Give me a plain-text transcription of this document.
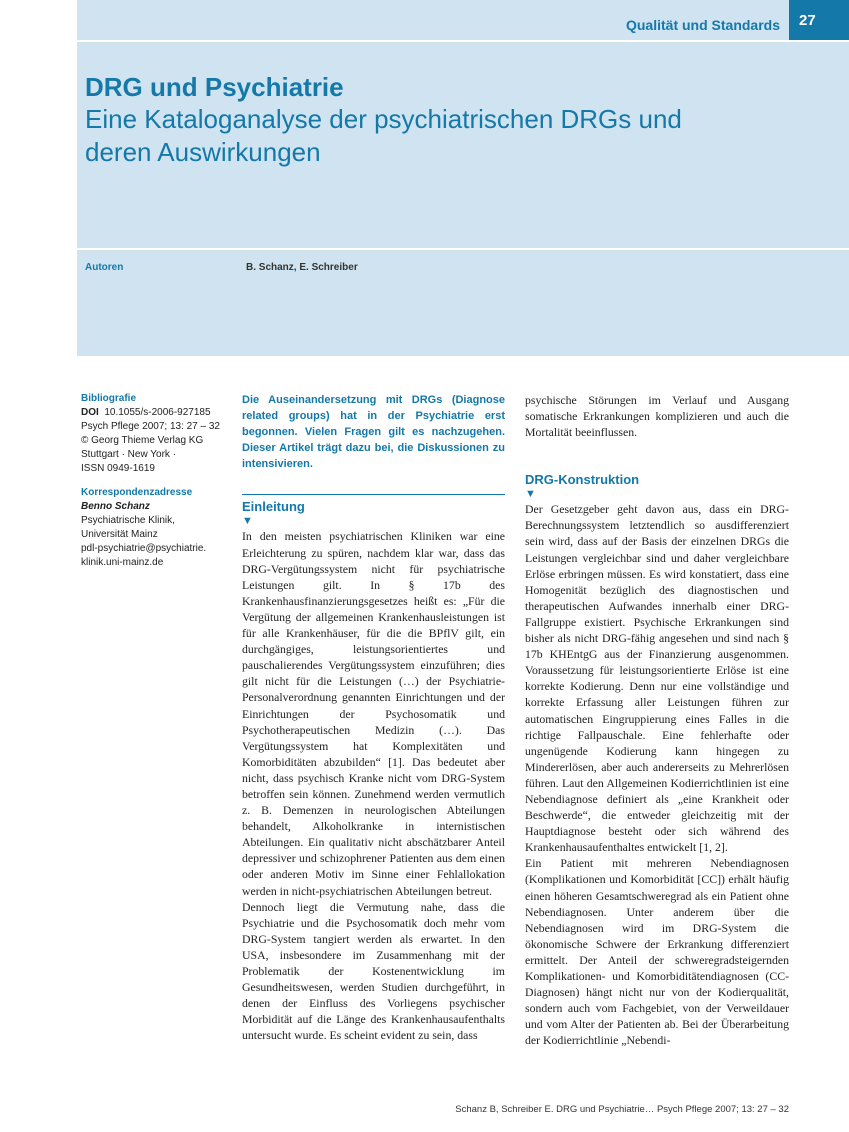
Qualität und Standards	27
DRG und Psychiatrie
Eine Kataloganalyse der psychiatrischen DRGs und deren Auswirkungen
Autoren	B. Schanz, E. Schreiber
Bibliografie
DOI 10.1055/s-2006-927185
Psych Pflege 2007; 13: 27 – 32
© Georg Thieme Verlag KG
Stuttgart · New York ·
ISSN 0949-1619
Korrespondenzadresse
Benno Schanz
Psychiatrische Klinik,
Universität Mainz
pdl-psychiatrie@psychiatrie.
klinik.uni-mainz.de

Die Auseinandersetzung mit DRGs (Diagnose related groups) hat in der Psychiatrie erst begonnen. Vielen Fragen gilt es nachzugehen. Dieser Artikel trägt dazu bei, die Diskussionen zu intensivieren.

Einleitung
▼

In den meisten psychiatrischen Kliniken war eine Erleichterung zu spüren, nachdem klar war, dass das DRG-Vergütungssystem nicht für psychiatrische Leistungen gilt. In § 17b des Krankenhausfinanzierungsgesetzes heißt es: „Für die Vergütung der allgemeinen Krankenhausleistungen ist für alle Krankenhäuser, für die die BPflV gilt, ein durchgängiges, leistungsorientiertes und pauschalierendes Vergütungssystem einzuführen; dies gilt nicht für die Leistungen (…) der Psychiatrie-Personalverordnung genannten Einrichtungen und der Einrichtungen der Psychosomatik und Psychotherapeutischen Medizin (…). Das Vergütungssystem hat Komplexitäten und Komorbiditäten abzubilden“ [1]. Das bedeutet aber nicht, dass psychisch Kranke nicht vom DRG-System betroffen sein können. Zunehmend werden vermutlich z. B. Demenzen in neurologischen Abteilungen behandelt, Alkoholkranke in internistischen Abteilungen. Ein qualitativ nicht abschätzbarer Anteil depressiver und schizophrener Patienten aus dem einen oder anderen Motiv im Sinne einer Fehlallokation werden in nicht-psychiatrischen Abteilungen betreut.

Dennoch liegt die Vermutung nahe, dass die Psychiatrie und die Psychosomatik doch mehr vom DRG-System tangiert werden als erwartet. In den USA, insbesondere im Zusammenhang mit der Problematik der Kostenentwicklung im Gesundheitswesen, werden Studien durchgeführt, in denen der Einfluss des Vorliegens psychischer Morbidität auf die Länge des Krankenhausaufenthalts untersucht wurde. Es scheint evident zu sein, dass

psychische Störungen im Verlauf und Ausgang somatische Erkrankungen komplizieren und auch die Mortalität beeinflussen.

DRG-Konstruktion
▼

Der Gesetzgeber geht davon aus, dass ein DRG-Berechnungssystem letztendlich so ausdifferenziert sein wird, dass auf der Basis der einzelnen DRGs die Leistungen vergleichbar sind und daher vergleichbare Erlöse erbringen müssen. Es wird konstatiert, dass eine Homogenität bezüglich des diagnostischen und therapeutischen Aufwandes innerhalb einer DRG-Fallgruppe existiert. Psychische Erkrankungen sind bisher als nicht DRG-fähig angesehen und sind nach § 17b KHEntgG aus der Finanzierung ausgenommen. Voraussetzung für leistungsorientierte Erlöse ist eine korrekte Kodierung. Denn nur eine vollständige und korrekte Erfassung aller Leistungen führen zur automatischen Eingruppierung eines Falles in die richtige Fallpauschale. Eine fehlerhafte oder ungenügende Kodierung kann hingegen zu Mindererlösen, aber auch andererseits zu Mehrerlösen führen. Laut den Allgemeinen Kodierrichtlinien ist eine Nebendiagnose definiert als „eine Krankheit oder Beschwerde“, die entweder gleichzeitig mit der Hauptdiagnose besteht oder sich während des Krankenhausaufenthaltes entwickelt [1, 2].

Ein Patient mit mehreren Nebendiagnosen (Komplikationen und Komorbidität [CC]) erhält häufig einen höheren Gesamtschweregrad als ein Patient ohne Nebendiagnosen. Unter anderem über die Nebendiagnosen wird im DRG-System die ökonomische Schwere der Erkrankung differenziert ermittelt. Der Anteil der schweregradsteigernden Komplikationen- und Komorbiditätendiagnosen (CC-Diagnosen) hängt nicht nur von der Kodierqualität, sondern auch vom Fachgebiet, von der Verweildauer und vom Alter der Patienten ab. Bei der Überarbeitung der Kodierrichtlinie „Nebendi-

Schanz B, Schreiber E. DRG und Psychiatrie… Psych Pflege 2007; 13: 27 – 32
